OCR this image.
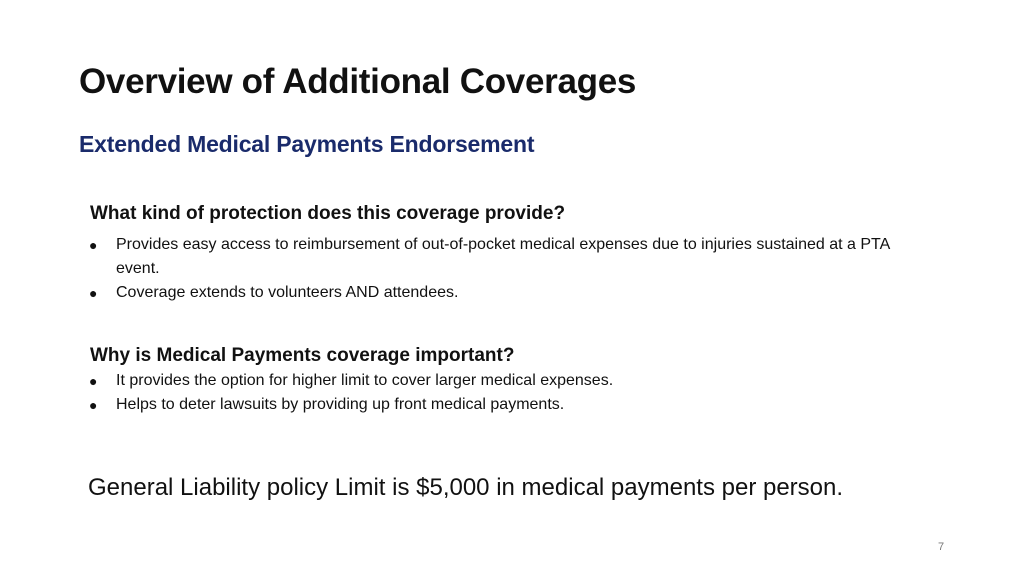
Overview of Additional Coverages
Extended Medical Payments Endorsement

What kind of protection does this coverage provide?

● Provides easy access to reimbursement of out-of-pocket medical expenses due to injuries sustained at a PTA event.
● Coverage extends to volunteers AND attendees.

Why is Medical Payments coverage important?

● It provides the option for higher limit to cover larger medical expenses.
● Helps to deter lawsuits by providing up front medical payments.
General Liability policy Limit is $5,000 in medical payments per person.
7
